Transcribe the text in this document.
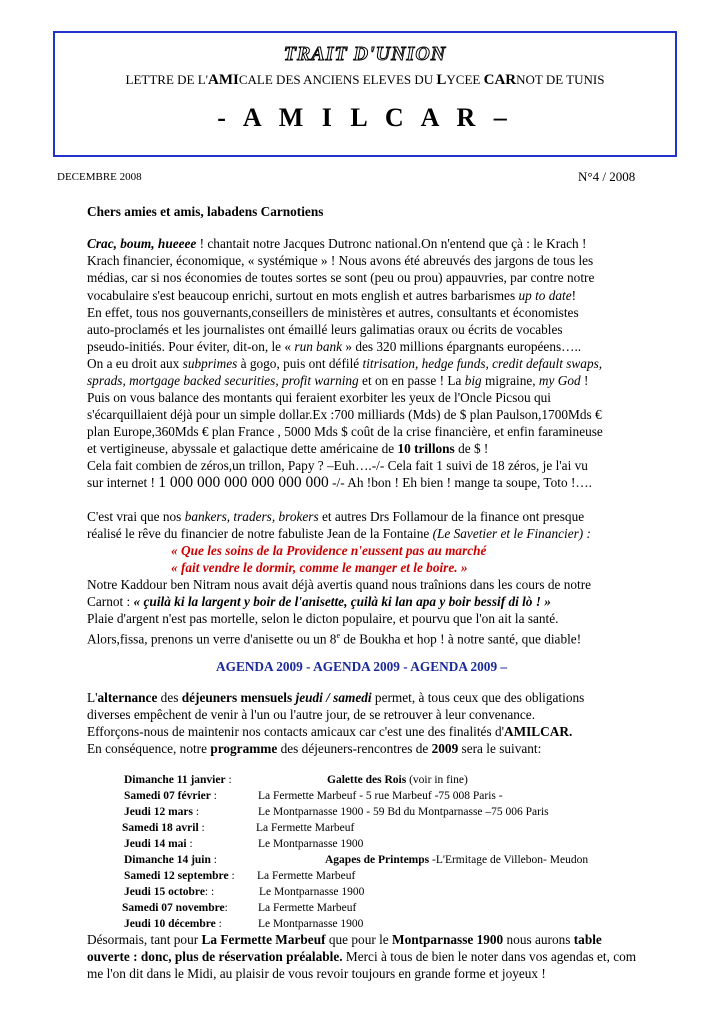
TRAIT D'UNION
LETTRE DE L'AMICALE DES ANCIENS ELEVES DU LYCEE CARNOT DE TUNIS
- A M I L C A R –
DECEMBRE 2008	N°4 / 2008
Chers amies et amis, labadens Carnotiens
Crac, boum, hueeee ! chantait notre Jacques Dutronc national.On n'entend que çà : le Krach !
Krach financier, économique, « systémique » ! Nous avons été abreuvés des jargons de tous les
médias, car si nos économies de toutes sortes se sont (peu ou prou) appauvries, par contre notre
vocabulaire s'est beaucoup enrichi, surtout en mots english et autres barbarismes up to date!
En effet, tous nos gouvernants,conseillers de ministères et autres, consultants et économistes
auto-proclamés et les journalistes ont émaillé leurs galimatias oraux ou écrits de vocables
pseudo-initiés. Pour éviter, dit-on, le « run bank » des 320 millions épargnants européens…..
On a eu droit aux subprimes à gogo, puis ont défilé titrisation, hedge funds, credit default swaps,
sprads, mortgage backed securities, profit warning et on en passe ! La big migraine, my God !
Puis on vous balance des montants qui feraient exorbiter les yeux de l'Oncle Picsou qui
s'écarquillaient déjà pour un simple dollar.Ex :700 milliards (Mds) de $ plan Paulson,1700Mds €
plan Europe,360Mds € plan France , 5000 Mds $ coût de la crise financière, et enfin faramineuse
et vertigineuse, abyssale et galactique dette américaine de 10 trillons de $ !
Cela fait combien de zéros,un trillon, Papy ? –Euh….-/- Cela fait 1 suivi de 18 zéros, je l'ai vu
sur internet ! 1 000 000 000 000 000 000 -/- Ah !bon ! Eh bien ! mange ta soupe, Toto !….
C'est vrai que nos bankers, traders, brokers et autres Drs Follamour de la finance ont presque
réalisé le rêve du financier de notre fabuliste Jean de la Fontaine (Le Savetier et le Financier) :
« Que les soins de la Providence n'eussent pas au marché
« fait vendre le dormir, comme le manger et le boire. »
Notre Kaddour ben Nitram nous avait déjà avertis quand nous traînions dans les cours de notre
Carnot : « çuilà ki la largent y boir de l'anisette, çuilà ki lan apa y boir bessif di lò ! »
Plaie d'argent n'est pas mortelle, selon le dicton populaire, et pourvu que l'on ait la santé.
Alors,fissa, prenons un verre d'anisette ou un 8e de Boukha et hop ! à notre santé, que diable!
AGENDA 2009 - AGENDA 2009 - AGENDA 2009 –
L'alternance des déjeuners mensuels jeudi / samedi permet, à tous ceux que des obligations
diverses empêchent de venir à l'un ou l'autre jour, de se retrouver à leur convenance.
Efforçons-nous de maintenir nos contacts amicaux car c'est une des finalités d'AMILCAR.
En conséquence, notre programme des déjeuners-rencontres de 2009 sera le suivant:
Dimanche 11 janvier :	Galette des Rois (voir in fine)
Samedi 07 février :	La Fermette Marbeuf - 5 rue Marbeuf -75 008 Paris -
Jeudi 12 mars :	Le Montparnasse 1900 - 59 Bd du Montparnasse –75 006 Paris
Samedi 18 avril :	La Fermette Marbeuf
Jeudi 14 mai :	Le Montparnasse 1900
Dimanche 14 juin :	Agapes de Printemps -L'Ermitage de Villebon- Meudon
Samedi 12 septembre : La Fermette Marbeuf
Jeudi 15 octobre: :	Le Montparnasse 1900
Samedi 07 novembre:	La Fermette Marbeuf
Jeudi 10 décembre :	Le Montparnasse 1900
Désormais, tant pour La Fermette Marbeuf que pour le Montparnasse 1900 nous aurons table
ouverte : donc, plus de réservation préalable. Merci à tous de bien le noter dans vos agendas et, com
me l'on dit dans le Midi, au plaisir de vous revoir toujours en grande forme et joyeux !
